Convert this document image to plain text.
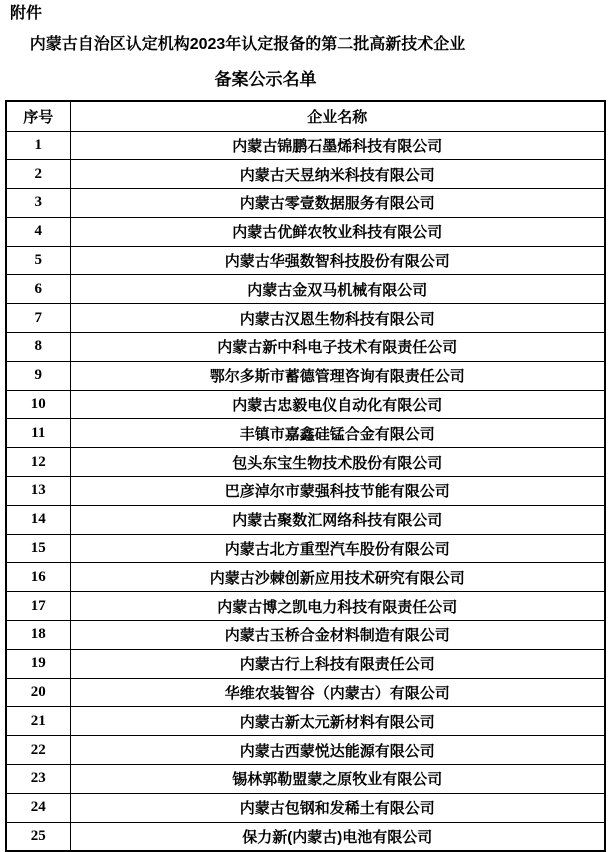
附件
内蒙古自治区认定机构2023年认定报备的第二批高新技术企业
备案公示名单
序号	企业名称
1	内蒙古锦鹏石墨烯科技有限公司
2	内蒙古天昱纳米科技有限公司
3	内蒙古零壹数据服务有限公司
4	内蒙古优鲜农牧业科技有限公司
5	内蒙古华强数智科技股份有限公司
6	内蒙古金双马机械有限公司
7	内蒙古汉恩生物科技有限公司
8	内蒙古新中科电子技术有限责任公司
9	鄂尔多斯市蓄德管理咨询有限责任公司
10	内蒙古忠毅电仪自动化有限公司
11	丰镇市嘉鑫硅锰合金有限公司
12	包头东宝生物技术股份有限公司
13	巴彦淖尔市蒙强科技节能有限公司
14	内蒙古聚数汇网络科技有限公司
15	内蒙古北方重型汽车股份有限公司
16	内蒙古沙棘创新应用技术研究有限公司
17	内蒙古博之凯电力科技有限责任公司
18	内蒙古玉桥合金材料制造有限公司
19	内蒙古行上科技有限责任公司
20	华维农装智谷（内蒙古）有限公司
21	内蒙古新太元新材料有限公司
22	内蒙古西蒙悦达能源有限公司
23	锡林郭勒盟蒙之原牧业有限公司
24	内蒙古包钢和发稀土有限公司
25	保力新(内蒙古)电池有限公司
